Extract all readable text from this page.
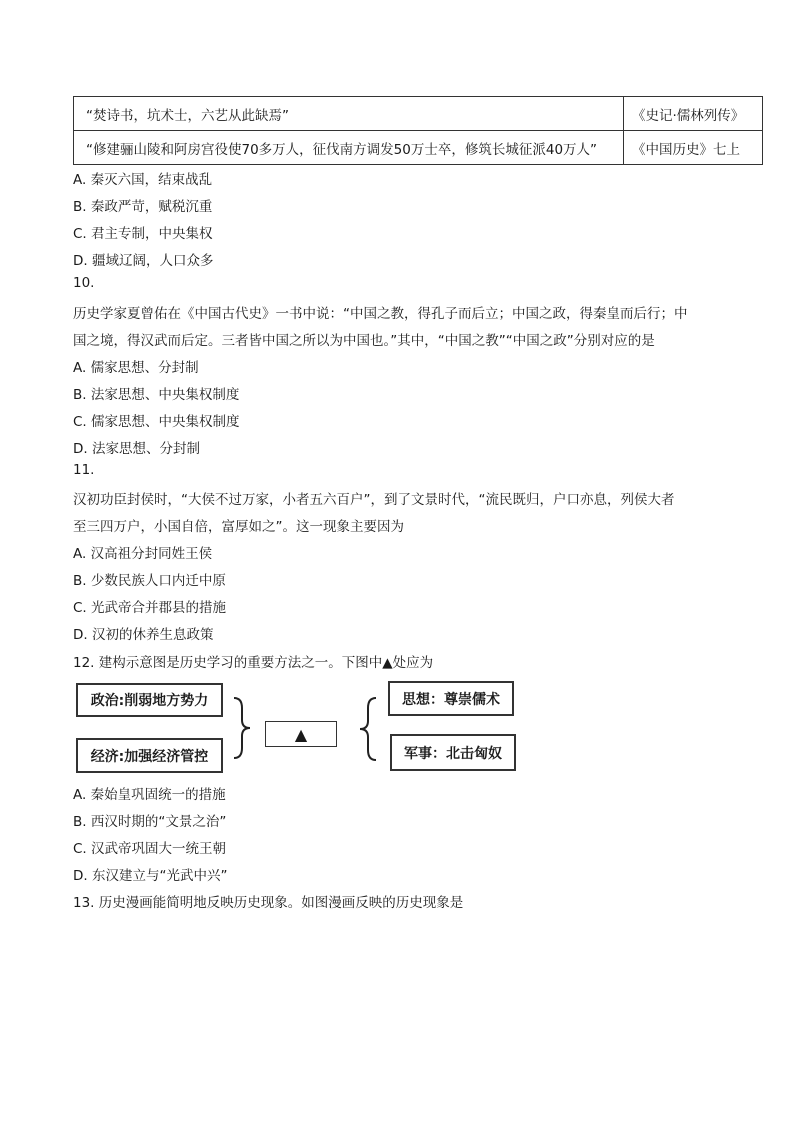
“焚诗书，坑术士，六艺从此缺焉”	《史记·儒林列传》
“修建骊山陵和阿房宫役使70多万人，征伐南方调发50万士卒，修筑长城征派40万人”	《中国历史》七上
A. 秦灭六国，结束战乱
B. 秦政严苛，赋税沉重
C. 君主专制，中央集权
D. 疆域辽阔，人口众多
10.
历史学家夏曾佑在《中国古代史》一书中说：“中国之教，得孔子而后立；中国之政，得秦皇而后行；中
国之境，得汉武而后定。三者皆中国之所以为中国也。”其中，“中国之教”“中国之政”分别对应的是
A. 儒家思想、分封制
B. 法家思想、中央集权制度
C. 儒家思想、中央集权制度
D. 法家思想、分封制
11.
汉初功臣封侯时，“大侯不过万家，小者五六百户”，到了文景时代，“流民既归，户口亦息，列侯大者
至三四万户，小国自倍，富厚如之”。这一现象主要因为
A. 汉高祖分封同姓王侯
B. 少数民族人口内迁中原
C. 光武帝合并郡县的措施
D. 汉初的休养生息政策
12. 建构示意图是历史学习的重要方法之一。下图中▲处应为
政治:削弱地方势力
经济:加强经济管控
▲
思想：尊崇儒术
军事：北击匈奴
A. 秦始皇巩固统一的措施
B. 西汉时期的“文景之治”
C. 汉武帝巩固大一统王朝
D. 东汉建立与“光武中兴”
13. 历史漫画能简明地反映历史现象。如图漫画反映的历史现象是
